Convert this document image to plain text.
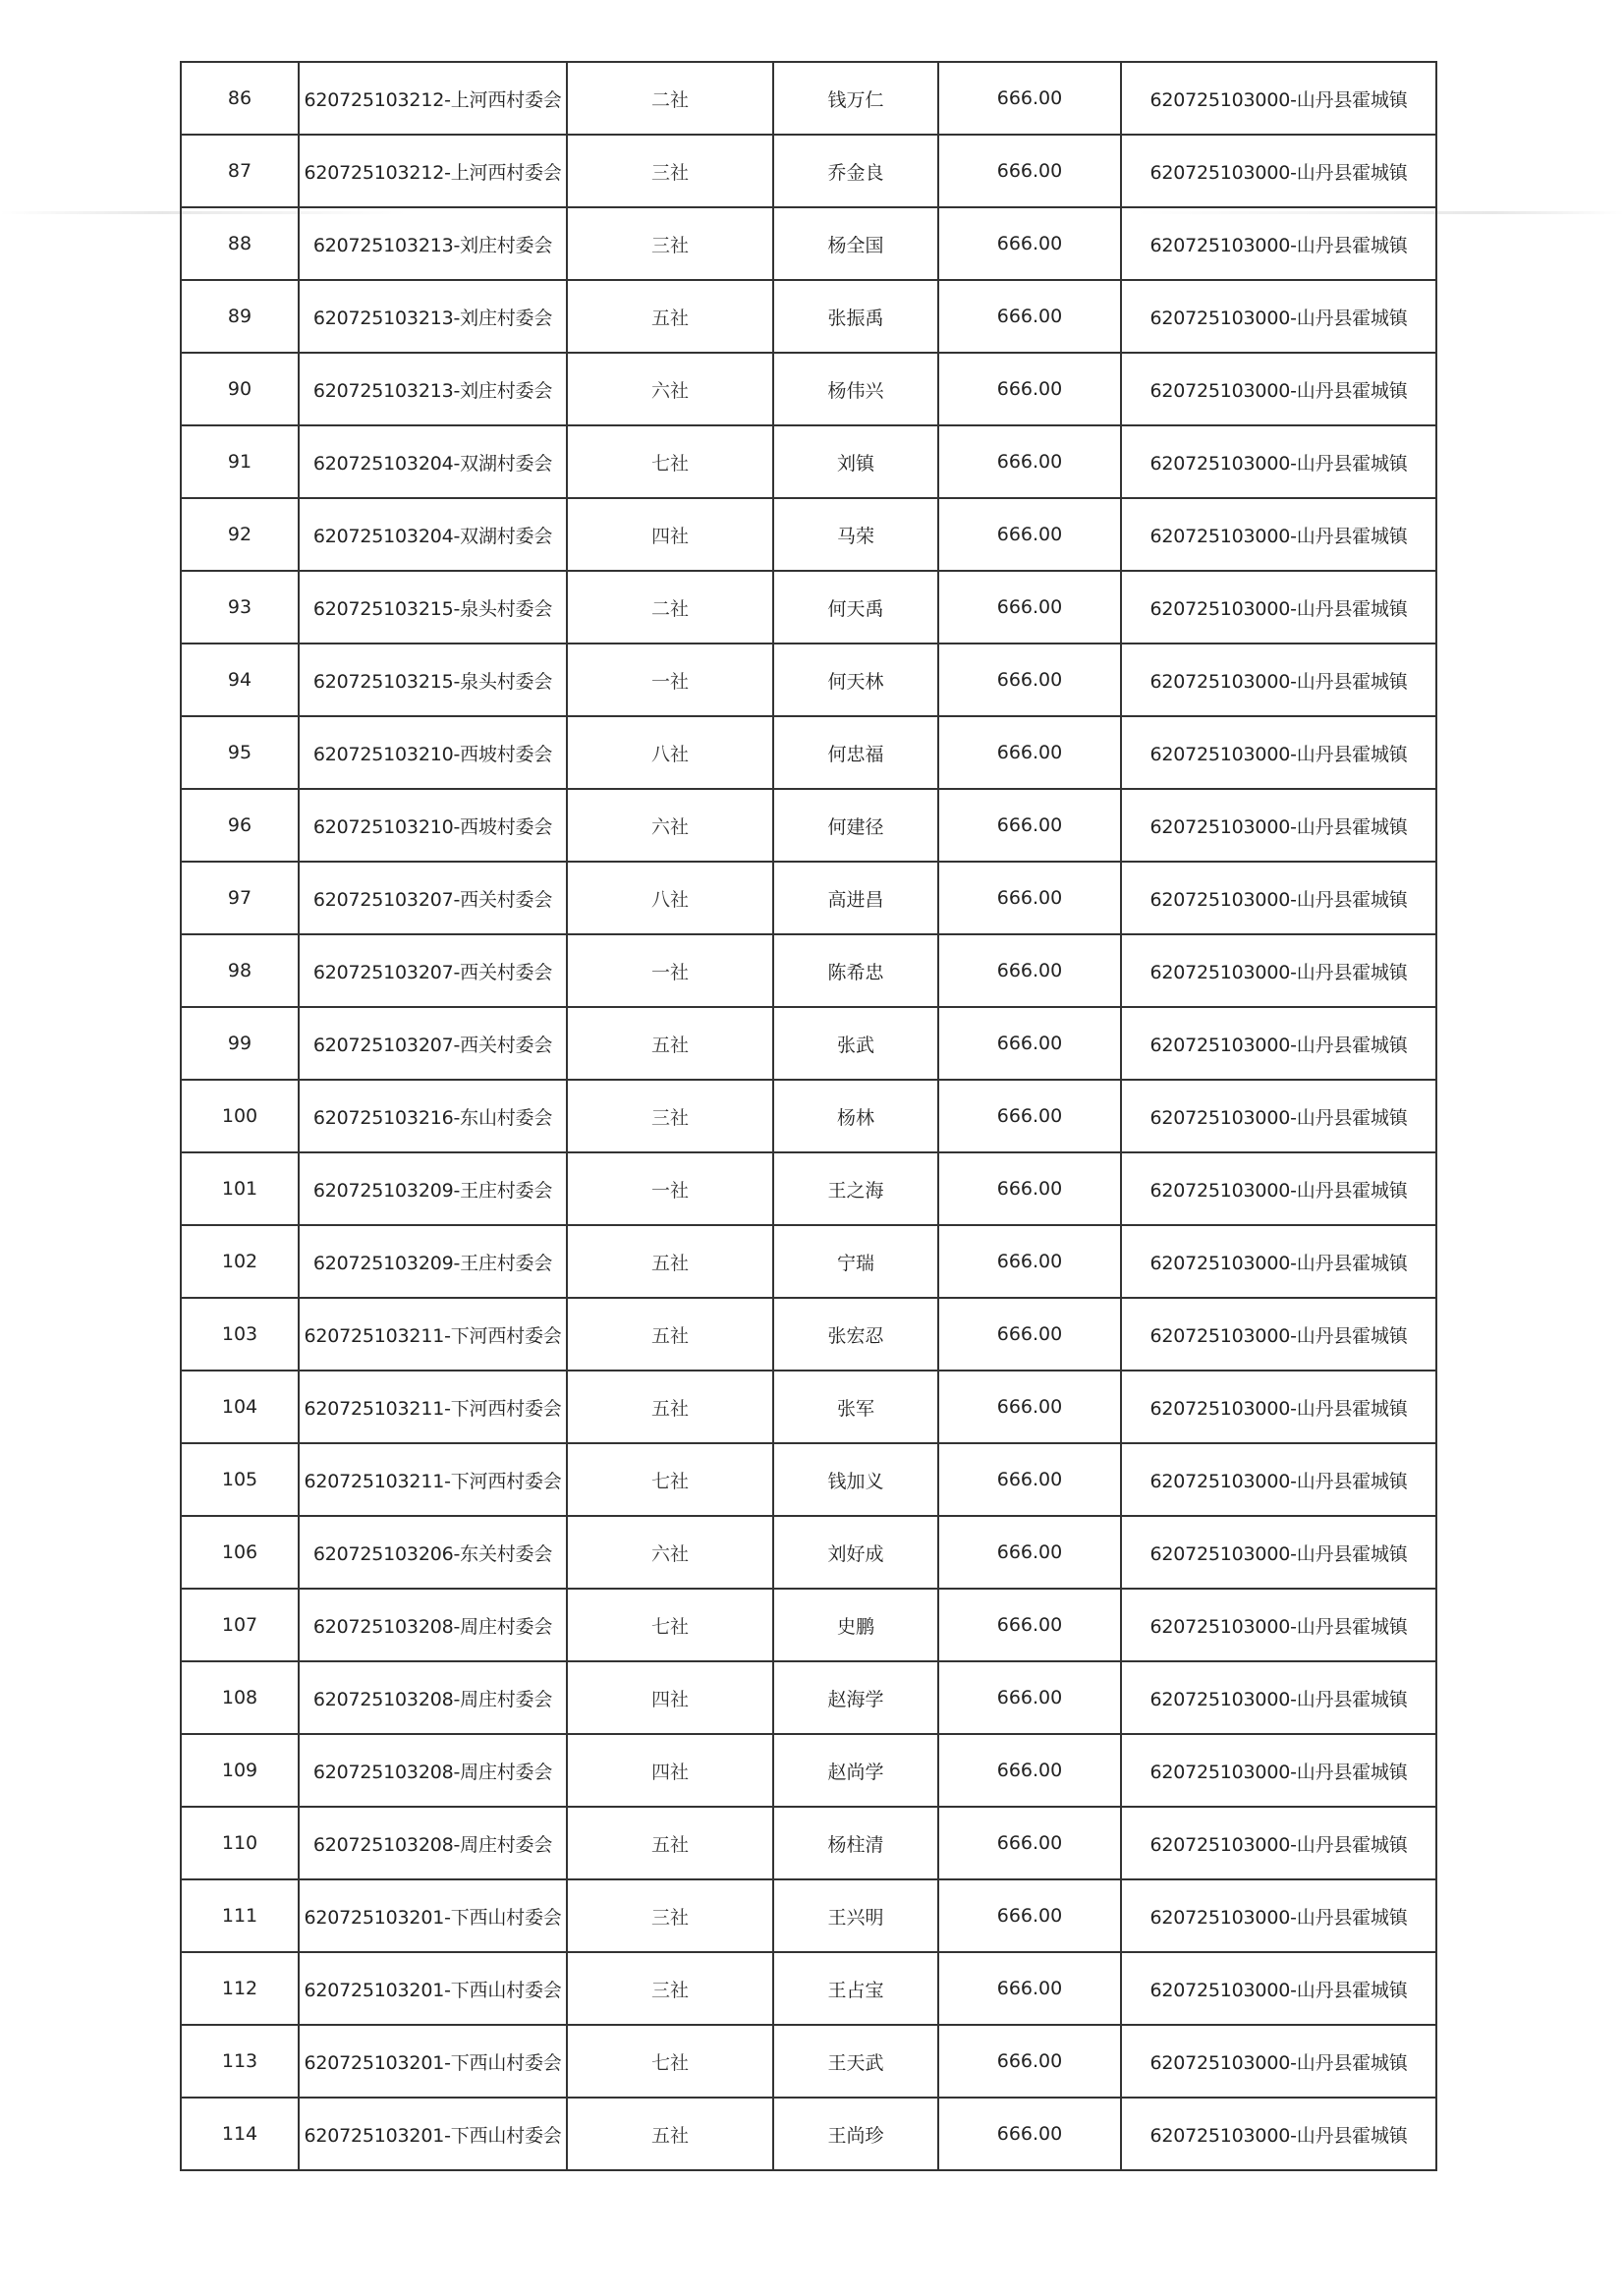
86	620725103212-上河西村委会	二社	钱万仁	666.00	620725103000-山丹县霍城镇
87	620725103212-上河西村委会	三社	乔金良	666.00	620725103000-山丹县霍城镇
88	620725103213-刘庄村委会	三社	杨全国	666.00	620725103000-山丹县霍城镇
89	620725103213-刘庄村委会	五社	张振禹	666.00	620725103000-山丹县霍城镇
90	620725103213-刘庄村委会	六社	杨伟兴	666.00	620725103000-山丹县霍城镇
91	620725103204-双湖村委会	七社	刘镇	666.00	620725103000-山丹县霍城镇
92	620725103204-双湖村委会	四社	马荣	666.00	620725103000-山丹县霍城镇
93	620725103215-泉头村委会	二社	何天禹	666.00	620725103000-山丹县霍城镇
94	620725103215-泉头村委会	一社	何天林	666.00	620725103000-山丹县霍城镇
95	620725103210-西坡村委会	八社	何忠福	666.00	620725103000-山丹县霍城镇
96	620725103210-西坡村委会	六社	何建径	666.00	620725103000-山丹县霍城镇
97	620725103207-西关村委会	八社	高进昌	666.00	620725103000-山丹县霍城镇
98	620725103207-西关村委会	一社	陈希忠	666.00	620725103000-山丹县霍城镇
99	620725103207-西关村委会	五社	张武	666.00	620725103000-山丹县霍城镇
100	620725103216-东山村委会	三社	杨林	666.00	620725103000-山丹县霍城镇
101	620725103209-王庄村委会	一社	王之海	666.00	620725103000-山丹县霍城镇
102	620725103209-王庄村委会	五社	宁瑞	666.00	620725103000-山丹县霍城镇
103	620725103211-下河西村委会	五社	张宏忍	666.00	620725103000-山丹县霍城镇
104	620725103211-下河西村委会	五社	张军	666.00	620725103000-山丹县霍城镇
105	620725103211-下河西村委会	七社	钱加义	666.00	620725103000-山丹县霍城镇
106	620725103206-东关村委会	六社	刘好成	666.00	620725103000-山丹县霍城镇
107	620725103208-周庄村委会	七社	史鹏	666.00	620725103000-山丹县霍城镇
108	620725103208-周庄村委会	四社	赵海学	666.00	620725103000-山丹县霍城镇
109	620725103208-周庄村委会	四社	赵尚学	666.00	620725103000-山丹县霍城镇
110	620725103208-周庄村委会	五社	杨柱清	666.00	620725103000-山丹县霍城镇
111	620725103201-下西山村委会	三社	王兴明	666.00	620725103000-山丹县霍城镇
112	620725103201-下西山村委会	三社	王占宝	666.00	620725103000-山丹县霍城镇
113	620725103201-下西山村委会	七社	王天武	666.00	620725103000-山丹县霍城镇
114	620725103201-下西山村委会	五社	王尚珍	666.00	620725103000-山丹县霍城镇
